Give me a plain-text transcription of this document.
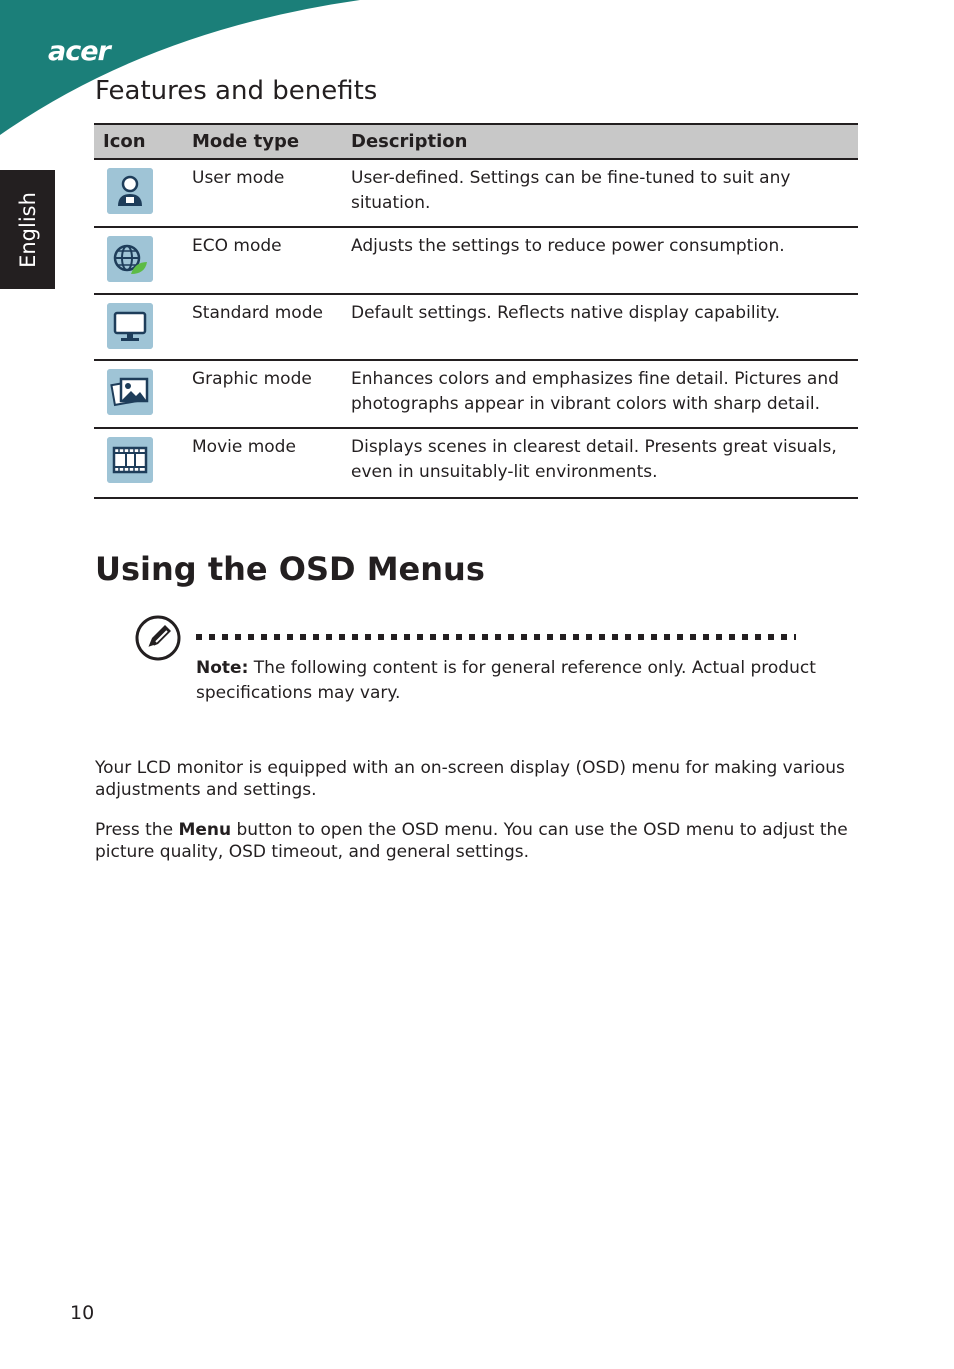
acer
English
Features and benefits
Icon	Mode type	Description

	User mode	User-defined. Settings can be fine-tuned to suit any situation.

	ECO mode	Adjusts the settings to reduce power consumption.

	Standard mode	Default settings. Reflects native display capability.

	Graphic mode	Enhances colors and emphasizes fine detail. Pictures and photographs appear in vibrant colors with sharp detail.

	Movie mode	Displays scenes in clearest detail. Presents great visuals, even in unsuitably-lit environments.
Using the OSD Menus

Note: The following content is for general reference only. Actual product specifications may vary.

Your LCD monitor is equipped with an on-screen display (OSD) menu for making various adjustments and settings.

Press the Menu button to open the OSD menu. You can use the OSD menu to adjust the picture quality, OSD timeout, and general settings.

10
